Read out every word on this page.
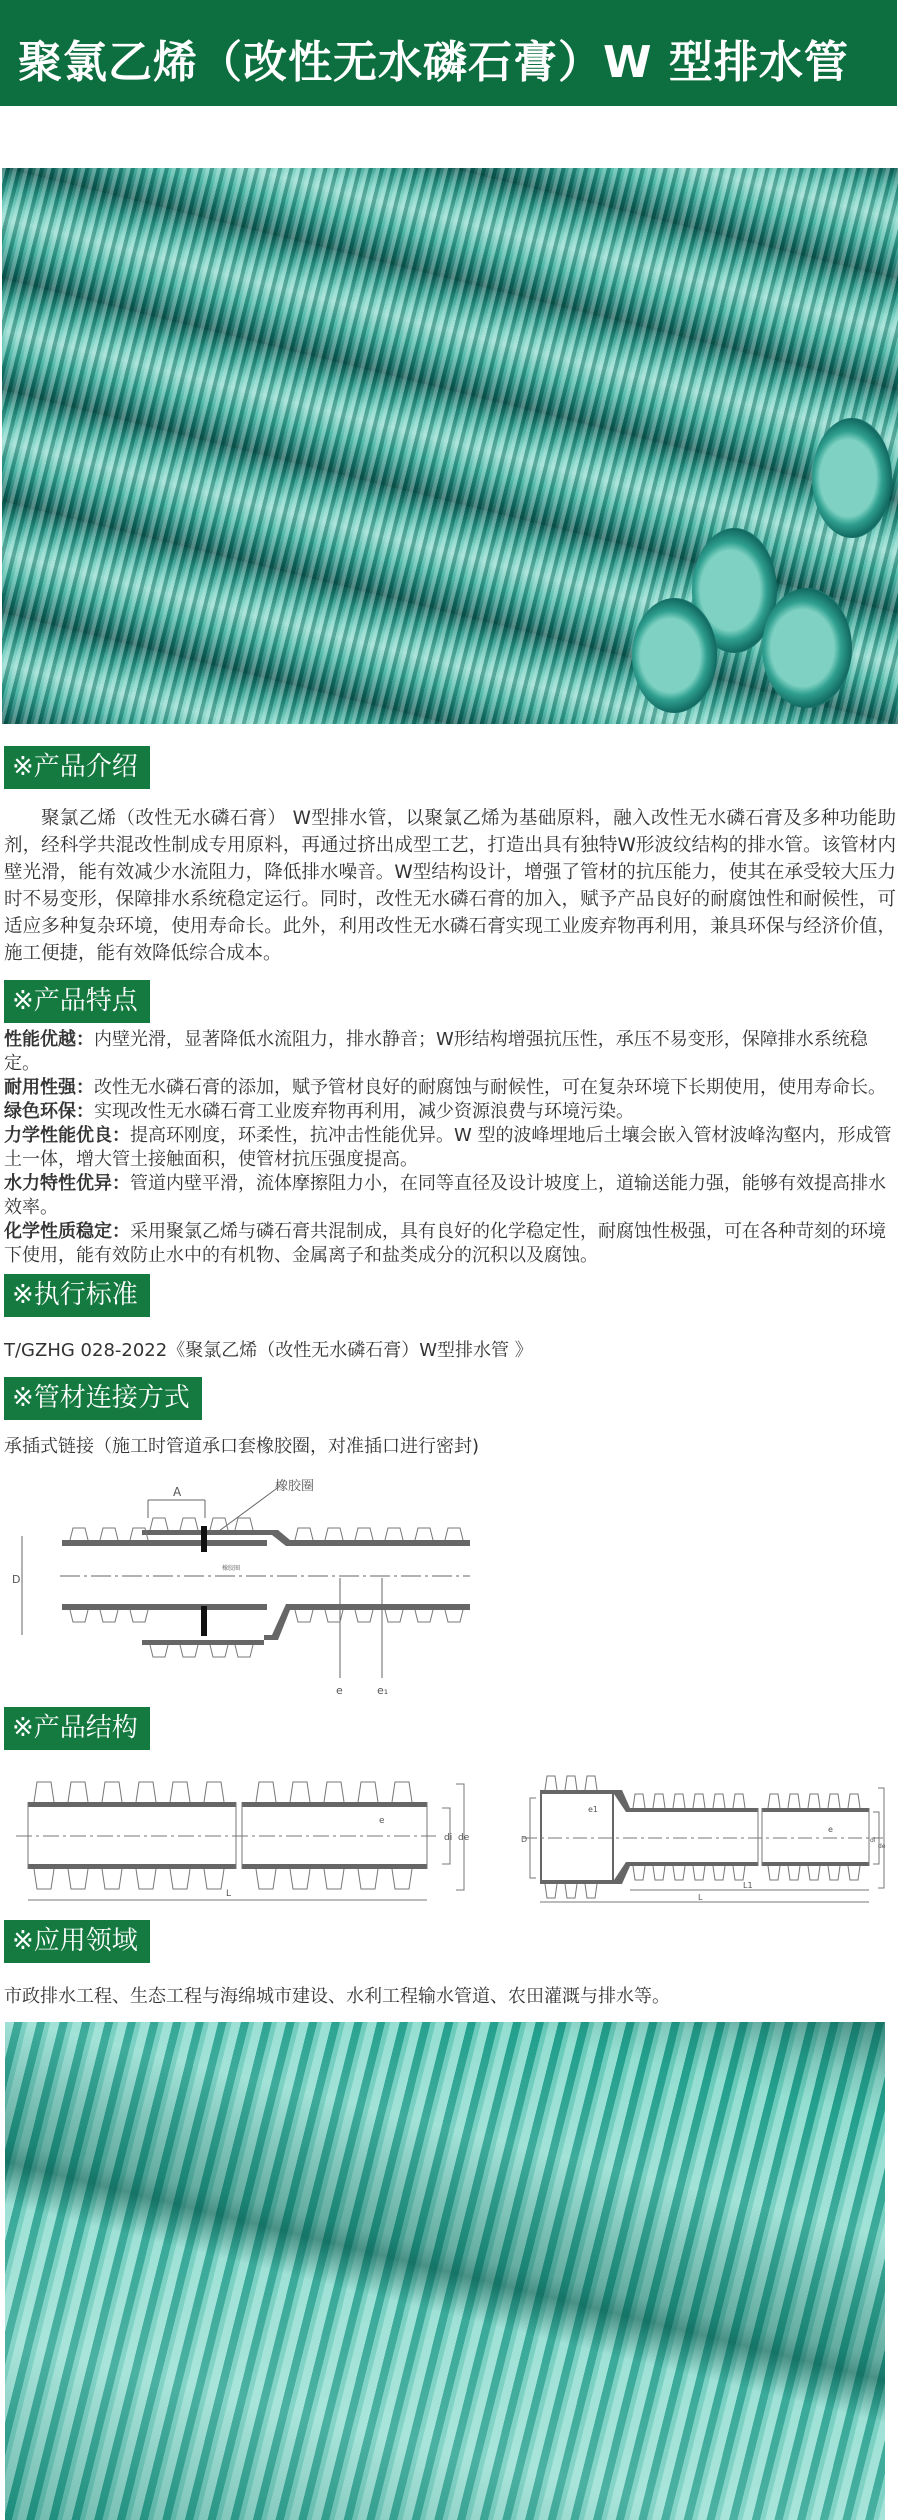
聚氯乙烯（改性无水磷石膏）W 型排水管
※产品介绍
聚氯乙烯（改性无水磷石膏） W型排水管，以聚氯乙烯为基础原料，融入改性无水磷石膏及多种功能助剂，经科学共混改性制成专用原料，再通过挤出成型工艺，打造出具有独特W形波纹结构的排水管。该管材内壁光滑，能有效减少水流阻力，降低排水噪音。W型结构设计，增强了管材的抗压能力，使其在承受较大压力时不易变形，保障排水系统稳定运行。同时，改性无水磷石膏的加入，赋予产品良好的耐腐蚀性和耐候性，可适应多种复杂环境，使用寿命长。此外，利用改性无水磷石膏实现工业废弃物再利用，兼具环保与经济价值，施工便捷，能有效降低综合成本。
※产品特点
性能优越：内壁光滑，显著降低水流阻力，排水静音；W形结构增强抗压性，承压不易变形，保障排水系统稳定。
耐用性强：改性无水磷石膏的添加，赋予管材良好的耐腐蚀与耐候性，可在复杂环境下长期使用，使用寿命长。
绿色环保：实现改性无水磷石膏工业废弃物再利用，减少资源浪费与环境污染。
力学性能优良：提高环刚度，环柔性，抗冲击性能优异。W 型的波峰埋地后土壤会嵌入管材波峰沟壑内，形成管土一体，增大管土接触面积，使管材抗压强度提高。
水力特性优异：管道内壁平滑，流体摩擦阻力小，在同等直径及设计坡度上，道输送能力强，能够有效提高排水效率。
化学性质稳定：采用聚氯乙烯与磷石膏共混制成，具有良好的化学稳定性，耐腐蚀性极强，可在各种苛刻的环境下使用，能有效防止水中的有机物、金属离子和盐类成分的沉积以及腐蚀。
※执行标准
T/GZHG 028-2022《聚氯乙烯（改性无水磷石膏）W型排水管 》
※管材连接方式
承插式链接（施工时管道承口套橡胶圈，对准插口进行密封)
A	橡胶圈
橡胶圈
D
e	e₁
※产品结构
e
di de
L
e1
e
D	di
de
L1
L
※应用领域
市政排水工程、生态工程与海绵城市建设、水利工程输水管道、农田灌溉与排水等。
